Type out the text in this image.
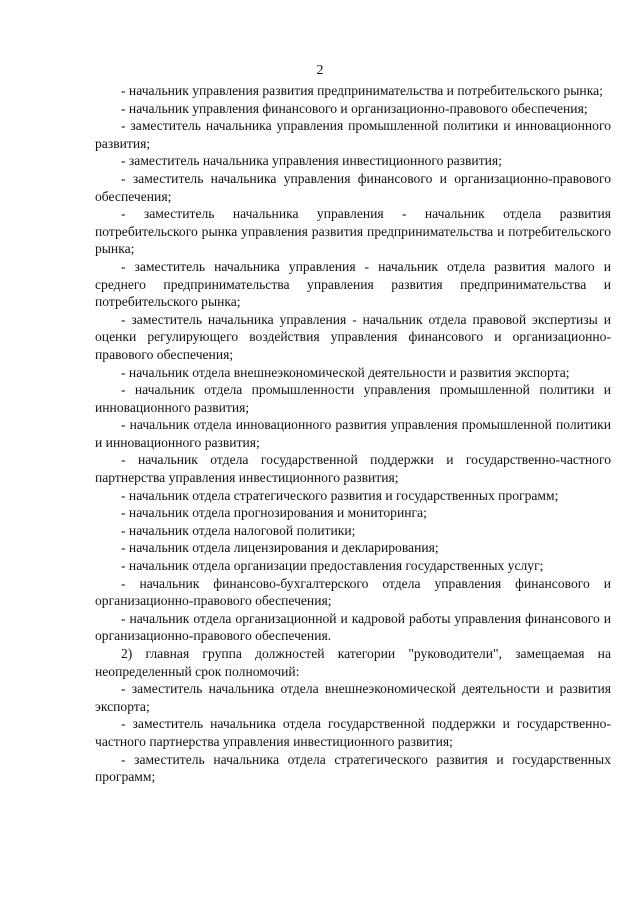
2

- начальник управления развития предпринимательства и потребительского рынка;

- начальник управления финансового и организационно-правового обеспечения;

- заместитель начальника управления промышленной политики и инновационного развития;

- заместитель начальника управления инвестиционного развития;

- заместитель начальника управления финансового и организационно-правового обеспечения;

- заместитель начальника управления - начальник отдела развития потребительского рынка управления развития предпринимательства и потребительского рынка;

- заместитель начальника управления - начальник отдела развития малого и среднего предпринимательства управления развития предпринимательства и потребительского рынка;

- заместитель начальника управления - начальник отдела правовой экспертизы и оценки регулирующего воздействия управления финансового и организационно-правового обеспечения;

- начальник отдела внешнеэкономической деятельности и развития экспорта;

- начальник отдела промышленности управления промышленной политики и инновационного развития;

- начальник отдела инновационного развития управления промышленной политики и инновационного развития;

- начальник отдела государственной поддержки и государственно-частного партнерства управления инвестиционного развития;

- начальник отдела стратегического развития и государственных программ;

- начальник отдела прогнозирования и мониторинга;

- начальник отдела налоговой политики;

- начальник отдела лицензирования и декларирования;

- начальник отдела организации предоставления государственных услуг;

- начальник финансово-бухгалтерского отдела управления финансового и организационно-правового обеспечения;

- начальник отдела организационной и кадровой работы управления финансового и организационно-правового обеспечения.

2) главная группа должностей категории "руководители", замещаемая на неопределенный срок полномочий:

- заместитель начальника отдела внешнеэкономической деятельности и развития экспорта;

- заместитель начальника отдела государственной поддержки и государственно-частного партнерства управления инвестиционного развития;

- заместитель начальника отдела стратегического развития и государственных программ;
